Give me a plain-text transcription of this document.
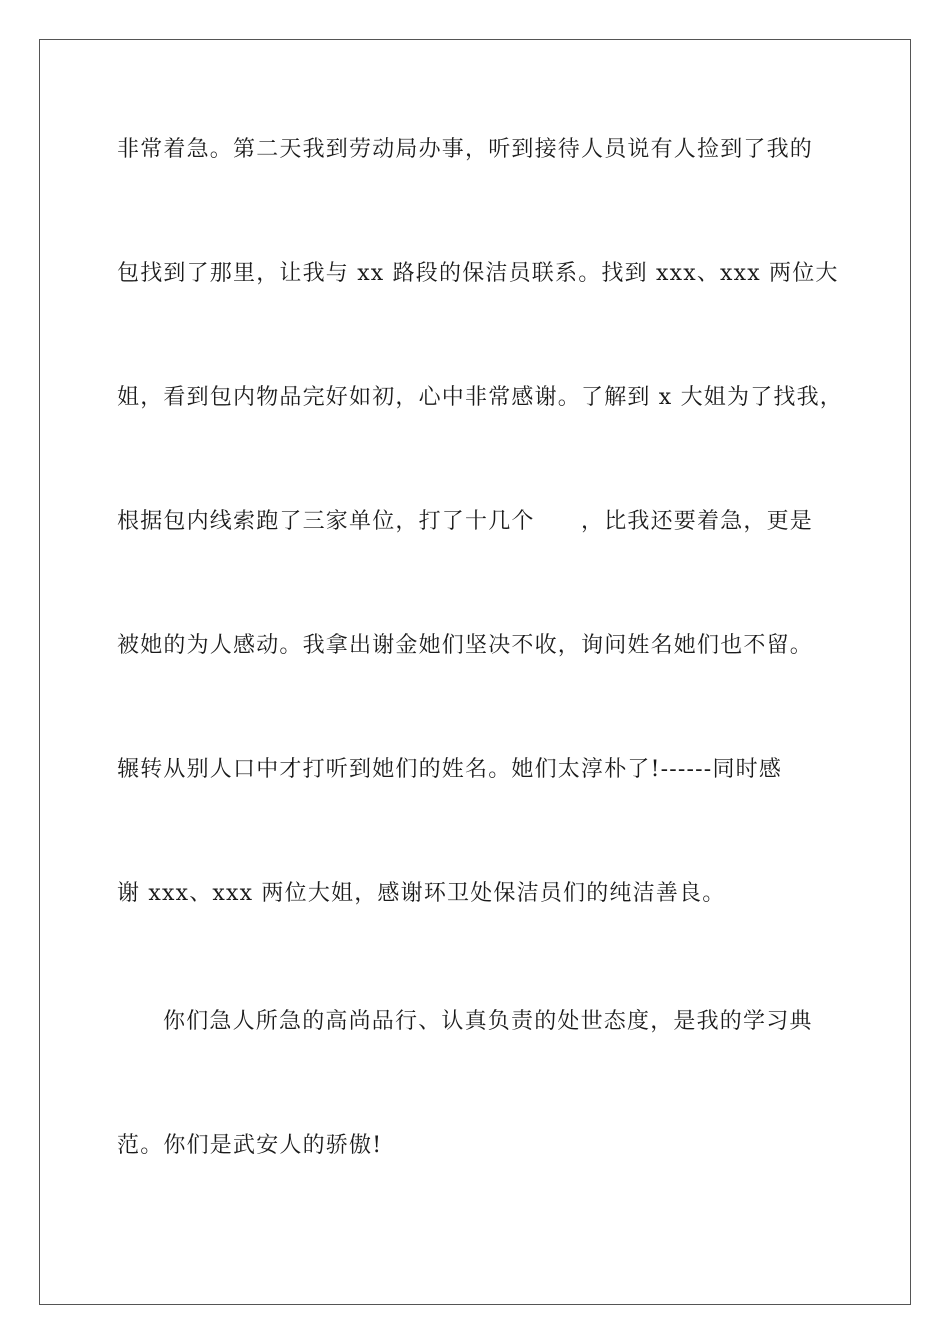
非常着急。第二天我到劳动局办事，听到接待人员说有人捡到了我的
包找到了那里，让我与 xx 路段的保洁员联系。找到 xxx、xxx 两位大
姐，看到包内物品完好如初，心中非常感谢。了解到 x 大姐为了找我，
根据包内线索跑了三家单位，打了十几个　　，比我还要着急，更是
被她的为人感动。我拿出谢金她们坚决不收，询问姓名她们也不留。
辗转从别人口中才打听到她们的姓名。她们太淳朴了!------同时感
谢 xxx、xxx 两位大姐，感谢环卫处保洁员们的纯洁善良。
你们急人所急的高尚品行、认真负责的处世态度，是我的学习典
范。你们是武安人的骄傲!
